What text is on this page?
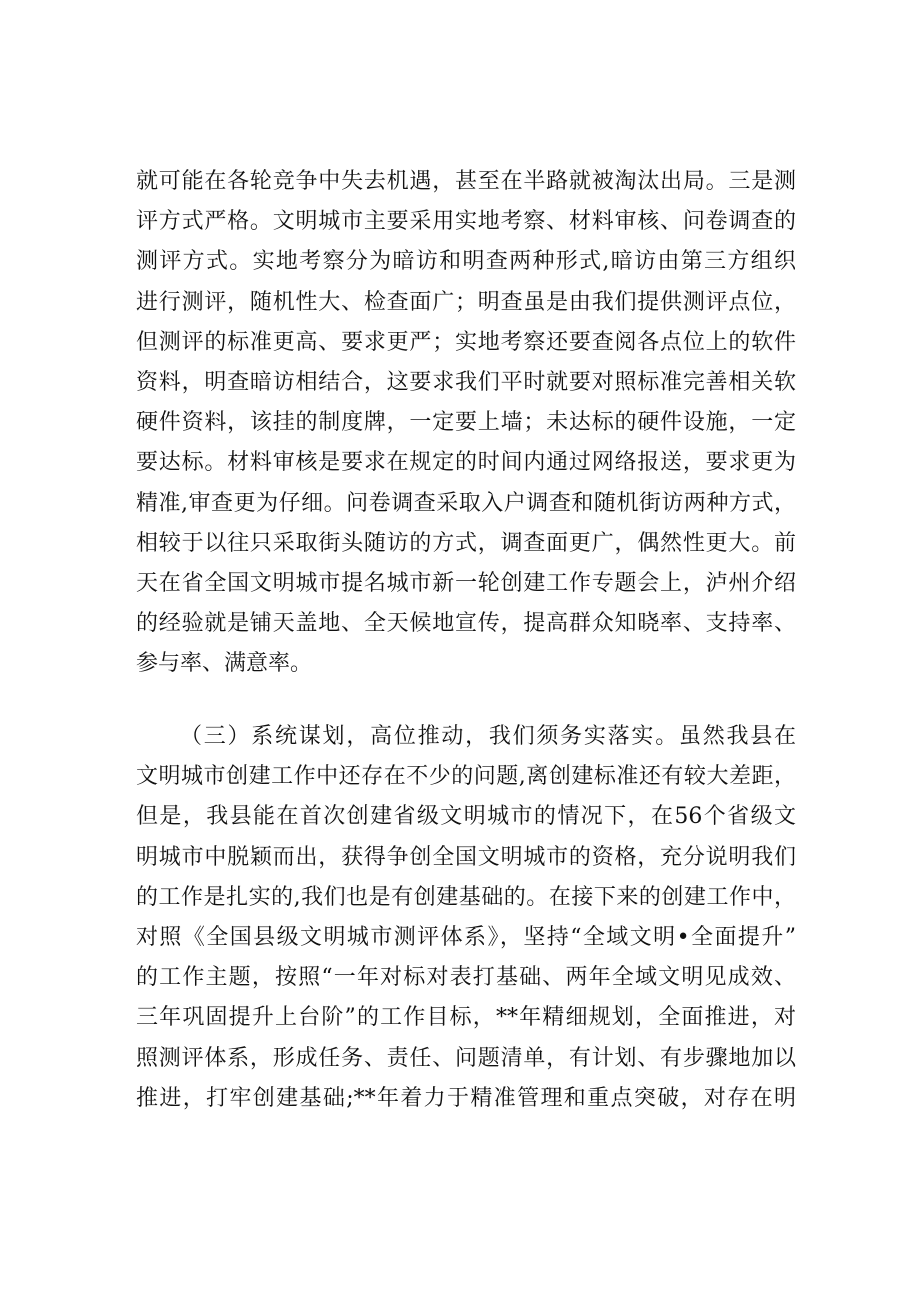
就可能在各轮竞争中失去机遇，甚至在半路就被淘汰出局。三是测
评方式严格。文明城市主要采用实地考察、材料审核、问卷调查的
测评方式。实地考察分为暗访和明查两种形式,暗访由第三方组织
进行测评，随机性大、检查面广；明查虽是由我们提供测评点位，
但测评的标准更高、要求更严；实地考察还要查阅各点位上的软件
资料，明查暗访相结合，这要求我们平时就要对照标准完善相关软
硬件资料，该挂的制度牌，一定要上墙；未达标的硬件设施，一定
要达标。材料审核是要求在规定的时间内通过网络报送，要求更为
精准,审查更为仔细。问卷调查采取入户调查和随机街访两种方式，
相较于以往只采取街头随访的方式，调查面更广，偶然性更大。前
天在省全国文明城市提名城市新一轮创建工作专题会上，泸州介绍
的经验就是铺天盖地、全天候地宣传，提高群众知晓率、支持率、
参与率、满意率。
（三）系统谋划，高位推动，我们须务实落实。虽然我县在
文明城市创建工作中还存在不少的问题,离创建标准还有较大差距，
但是，我县能在首次创建省级文明城市的情况下，在56个省级文
明城市中脱颖而出，获得争创全国文明城市的资格，充分说明我们
的工作是扎实的,我们也是有创建基础的。在接下来的创建工作中，
对照《全国县级文明城市测评体系》，坚持“全域文明•全面提升”
的工作主题，按照“一年对标对表打基础、两年全域文明见成效、
三年巩固提升上台阶”的工作目标，**年精细规划，全面推进，对
照测评体系，形成任务、责任、问题清单，有计划、有步骤地加以
推进，打牢创建基础;**年着力于精准管理和重点突破，对存在明
